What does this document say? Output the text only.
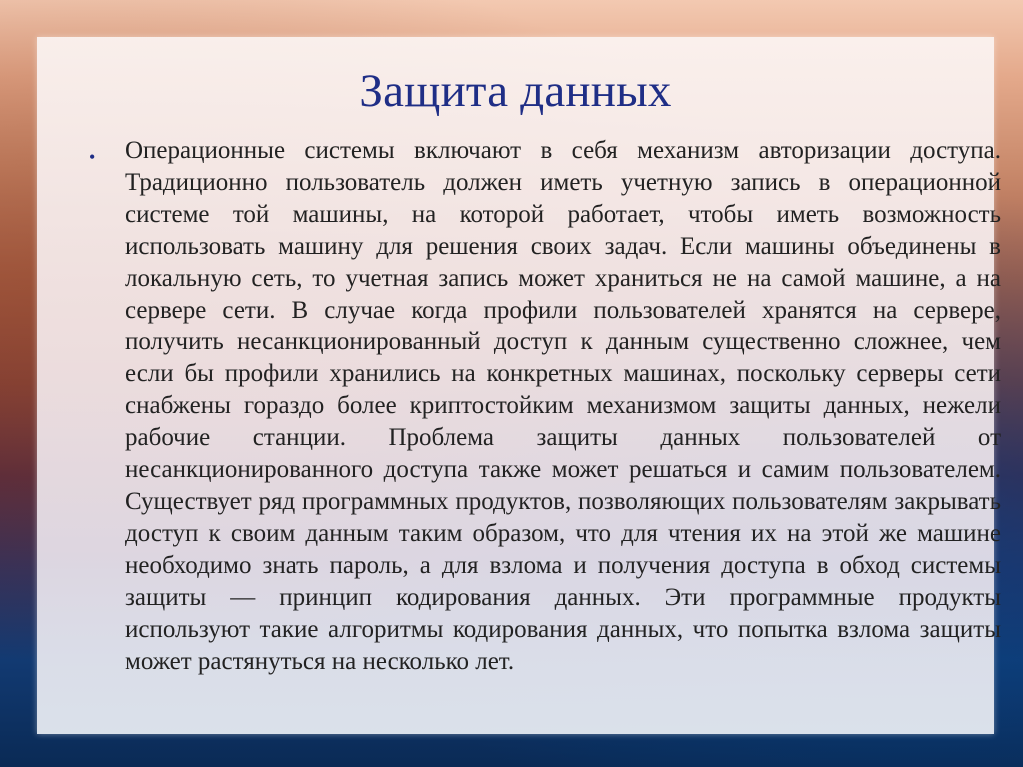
Защита данных
• Операционные системы включают в себя механизм авторизации доступа. Традиционно пользователь должен иметь учетную запись в операционной системе той машины, на которой работает, чтобы иметь возможность использовать машину для решения своих задач. Если машины объединены в локальную сеть, то учетная запись может храниться не на самой машине, а на сервере сети. В случае когда профили пользователей хранятся на сервере, получить несанкционированный доступ к данным существенно сложнее, чем если бы профили хранились на конкретных машинах, поскольку серверы сети снабжены гораздо более криптостойким механизмом защиты данных, нежели рабочие станции. Проблема защиты данных пользователей от несанкционированного доступа также может решаться и самим пользователем. Существует ряд программных продуктов, позволяющих пользователям закрывать доступ к своим данным таким образом, что для чтения их на этой же машине необходимо знать пароль, а для взлома и получения доступа в обход системы защиты — принцип кодирования данных. Эти программные продукты используют такие алгоритмы кодирования данных, что попытка взлома защиты может растянуться на несколько лет.
